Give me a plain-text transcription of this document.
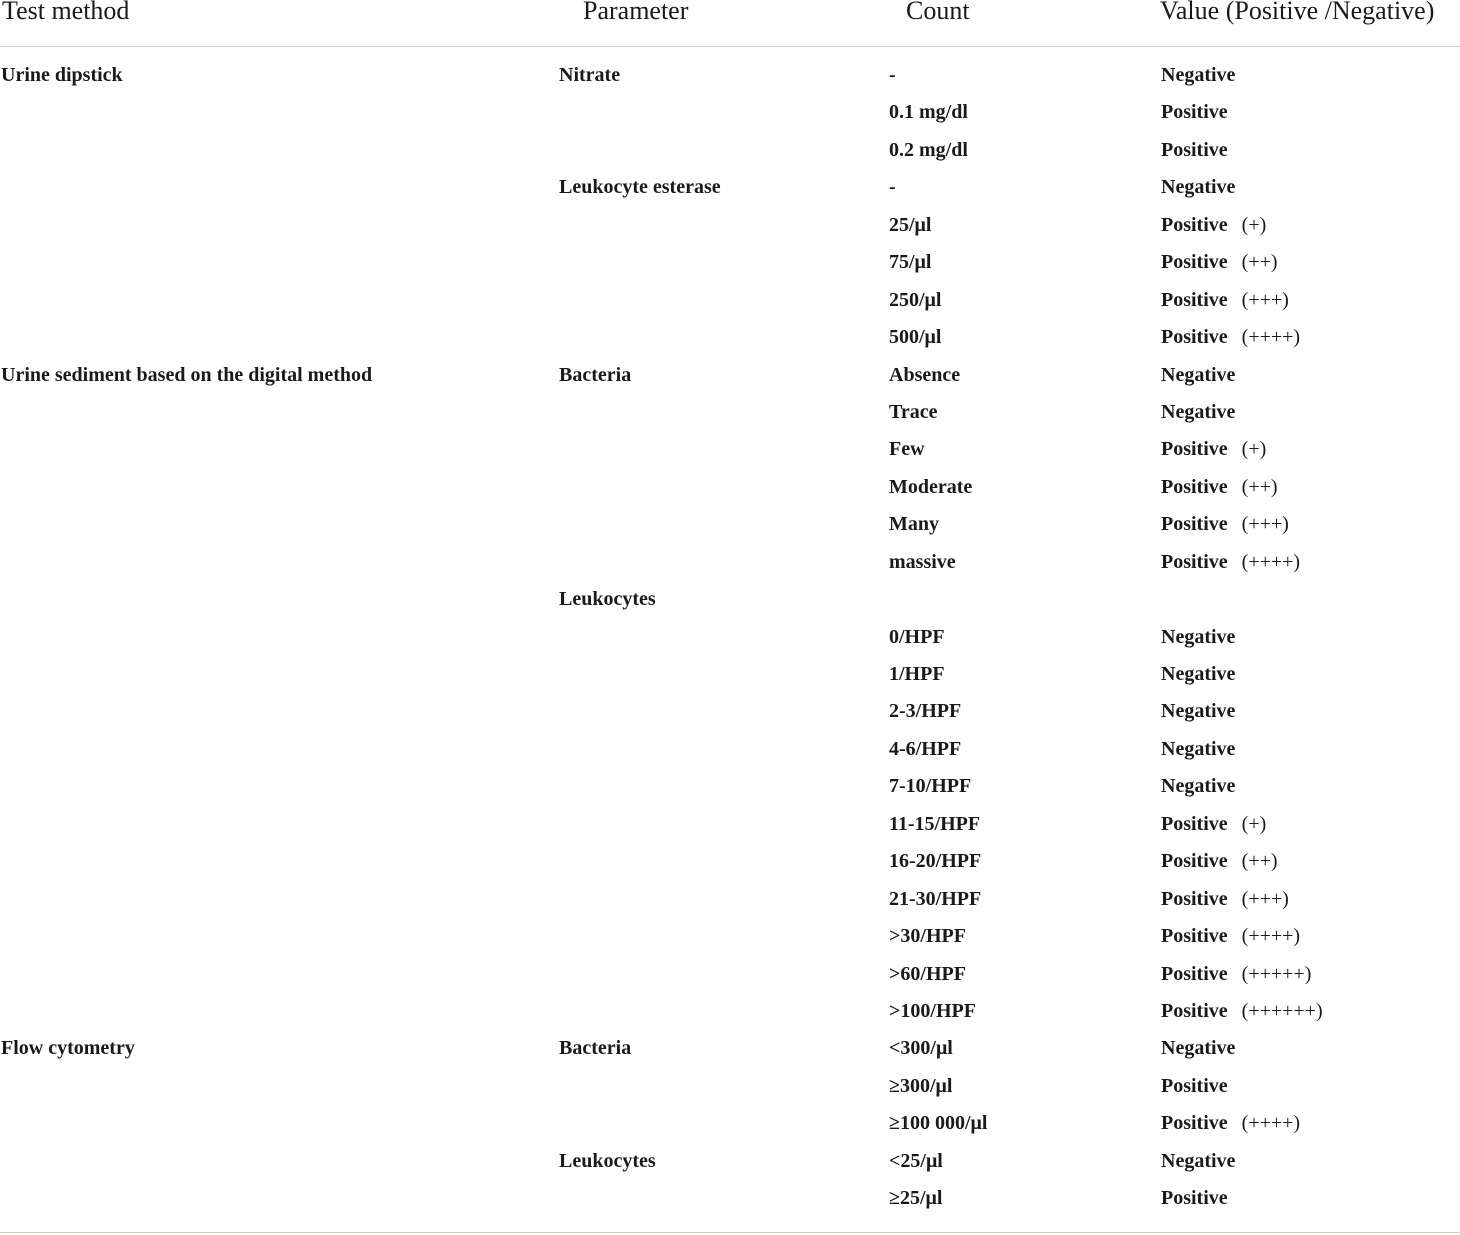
Test method	Parameter	Count	Value (Positive /Negative)
Urine dipstick	Nitrate	-	Negative
0.1 mg/dl	Positive
0.2 mg/dl	Positive
Leukocyte esterase	-	Negative
25/μl	Positive (+)
75/μl	Positive (++)
250/μl	Positive (+++)
500/μl	Positive (++++)
Urine sediment based on the digital method	Bacteria	Absence	Negative
Trace	Negative
Few	Positive (+)
Moderate	Positive (++)
Many	Positive (+++)
massive	Positive (++++)
Leukocytes
0/HPF	Negative
1/HPF	Negative
2-3/HPF	Negative
4-6/HPF	Negative
7-10/HPF	Negative
11-15/HPF	Positive (+)
16-20/HPF	Positive (++)
21-30/HPF	Positive (+++)
>30/HPF	Positive (++++)
>60/HPF	Positive (+++++)
>100/HPF	Positive (++++++)
Flow cytometry	Bacteria	<300/μl	Negative
≥300/μl	Positive
≥100 000/μl	Positive (++++)
Leukocytes	<25/μl	Negative
≥25/μl	Positive
